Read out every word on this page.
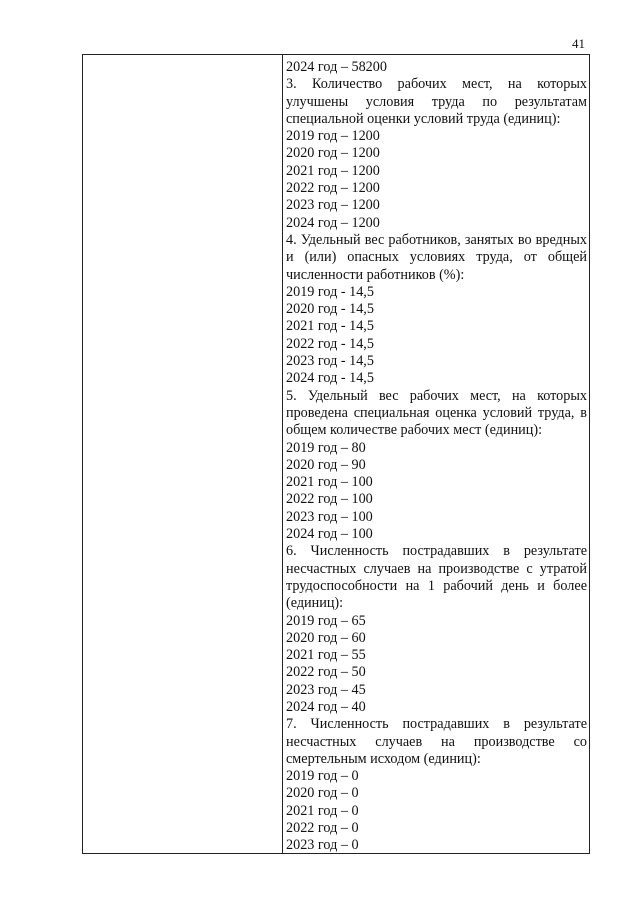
41
2024 год – 58200
3. Количество рабочих мест, на которых улучшены условия труда по результатам специальной оценки условий труда (единиц):
2019 год – 1200
2020 год – 1200
2021 год – 1200
2022 год – 1200
2023 год – 1200
2024 год – 1200
4. Удельный вес работников, занятых во вредных и (или) опасных условиях труда, от общей численности работников (%):
2019 год - 14,5
2020 год - 14,5
2021 год - 14,5
2022 год - 14,5
2023 год - 14,5
2024 год - 14,5
5. Удельный вес рабочих мест, на которых проведена специальная оценка условий труда, в общем количестве рабочих мест (единиц):
2019 год – 80
2020 год – 90
2021 год – 100
2022 год – 100
2023 год – 100
2024 год – 100
6. Численность пострадавших в результате несчастных случаев на производстве с утратой трудоспособности на 1 рабочий день и более (единиц):
2019 год – 65
2020 год – 60
2021 год – 55
2022 год – 50
2023 год – 45
2024 год – 40
7. Численность пострадавших в результате несчастных случаев на производстве со смертельным исходом (единиц):
2019 год – 0
2020 год – 0
2021 год – 0
2022 год – 0
2023 год – 0
